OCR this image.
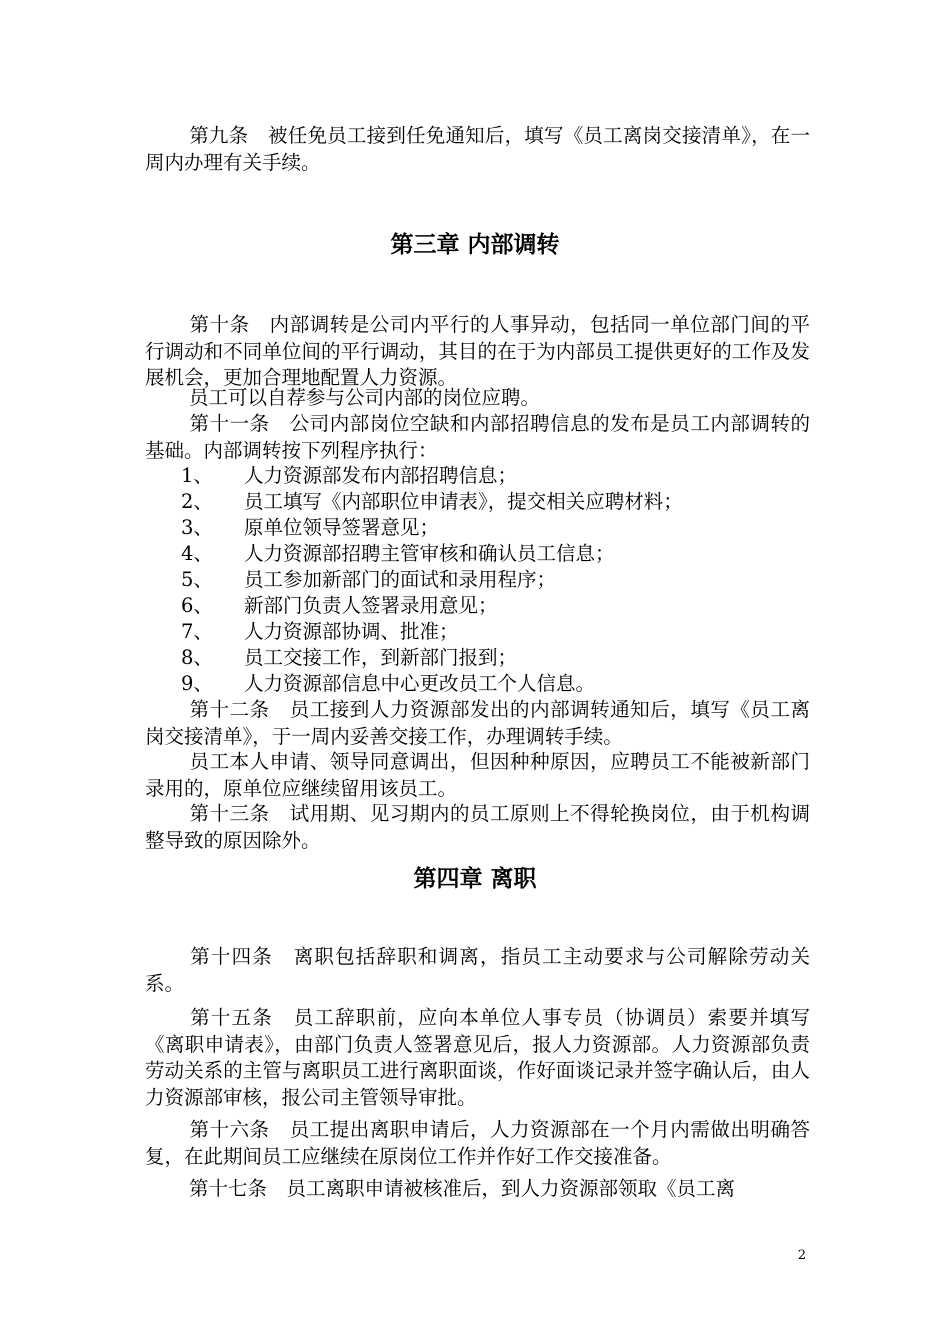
第九条　被任免员工接到任免通知后，填写《员工离岗交接清单》，在一周内办理有关手续。
第三章 内部调转
第十条　内部调转是公司内平行的人事异动，包括同一单位部门间的平行调动和不同单位间的平行调动，其目的在于为内部员工提供更好的工作及发展机会，更加合理地配置人力资源。
员工可以自荐参与公司内部的岗位应聘。
第十一条　公司内部岗位空缺和内部招聘信息的发布是员工内部调转的基础。内部调转按下列程序执行：
1、 人力资源部发布内部招聘信息；
2、 员工填写《内部职位申请表》，提交相关应聘材料；
3、 原单位领导签署意见；
4、 人力资源部招聘主管审核和确认员工信息；
5、 员工参加新部门的面试和录用程序；
6、 新部门负责人签署录用意见；
7、 人力资源部协调、批准；
8、 员工交接工作，到新部门报到；
9、 人力资源部信息中心更改员工个人信息。
第十二条　员工接到人力资源部发出的内部调转通知后，填写《员工离岗交接清单》，于一周内妥善交接工作，办理调转手续。
员工本人申请、领导同意调出，但因种种原因，应聘员工不能被新部门录用的，原单位应继续留用该员工。
第十三条　试用期、见习期内的员工原则上不得轮换岗位，由于机构调整导致的原因除外。
第四章 离职
第十四条　离职包括辞职和调离，指员工主动要求与公司解除劳动关系。
第十五条　员工辞职前，应向本单位人事专员（协调员）索要并填写《离职申请表》，由部门负责人签署意见后，报人力资源部。人力资源部负责劳动关系的主管与离职员工进行离职面谈，作好面谈记录并签字确认后，由人力资源部审核，报公司主管领导审批。
第十六条　员工提出离职申请后，人力资源部在一个月内需做出明确答复，在此期间员工应继续在原岗位工作并作好工作交接准备。
第十七条　员工离职申请被核准后，到人力资源部领取《员工离
2
